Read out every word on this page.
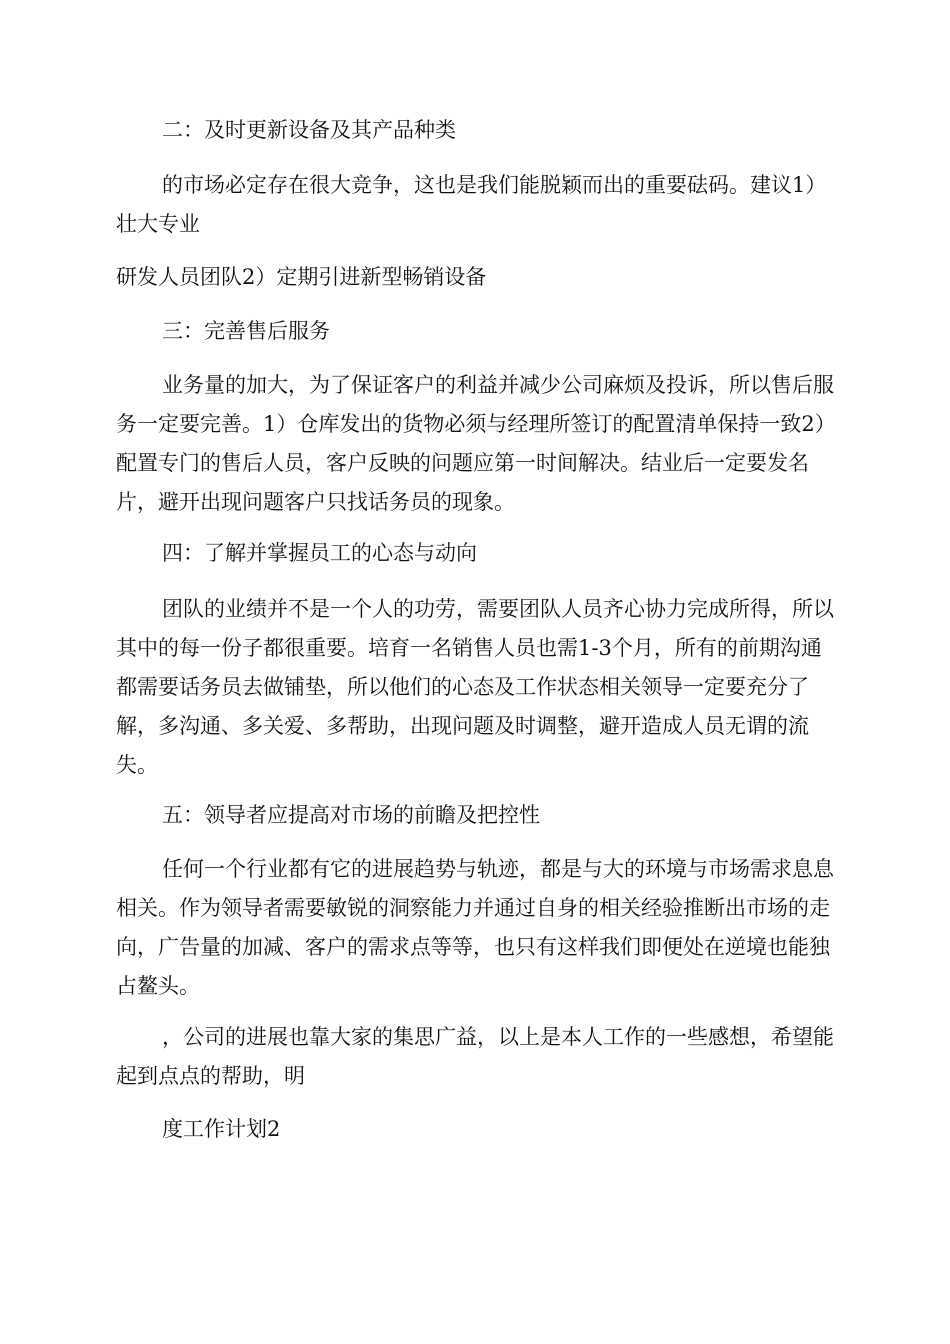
二：及时更新设备及其产品种类

的市场必定存在很大竞争，这也是我们能脱颖而出的重要砝码。建议1）壮大专业

研发人员团队2）定期引进新型畅销设备

三：完善售后服务

业务量的加大，为了保证客户的利益并减少公司麻烦及投诉，所以售后服务一定要完善。1）仓库发出的货物必须与经理所签订的配置清单保持一致2）配置专门的售后人员，客户反映的问题应第一时间解决。结业后一定要发名片，避开出现问题客户只找话务员的现象。

四：了解并掌握员工的心态与动向

团队的业绩并不是一个人的功劳，需要团队人员齐心协力完成所得，所以其中的每一份子都很重要。培育一名销售人员也需1-3个月，所有的前期沟通都需要话务员去做铺垫，所以他们的心态及工作状态相关领导一定要充分了解，多沟通、多关爱、多帮助，出现问题及时调整，避开造成人员无谓的流失。

五：领导者应提高对市场的前瞻及把控性

任何一个行业都有它的进展趋势与轨迹，都是与大的环境与市场需求息息相关。作为领导者需要敏锐的洞察能力并通过自身的相关经验推断出市场的走向，广告量的加减、客户的需求点等等，也只有这样我们即便处在逆境也能独占鳌头。

，公司的进展也靠大家的集思广益，以上是本人工作的一些感想，希望能起到点点的帮助，明

度工作计划2
